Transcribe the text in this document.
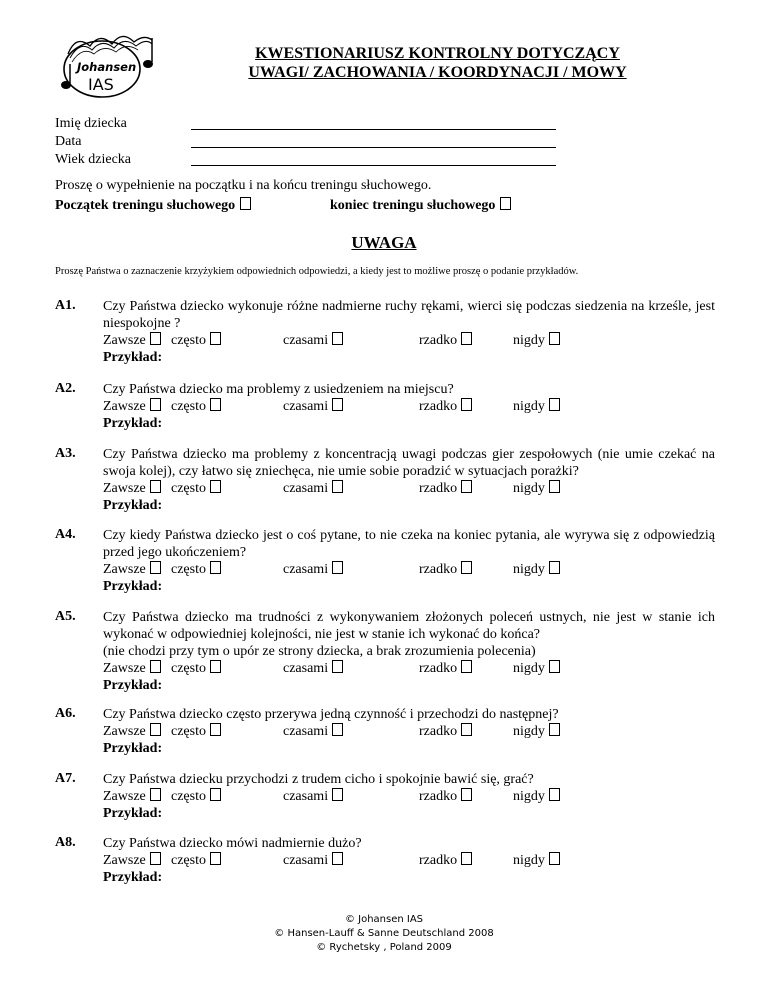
Johansen
IAS
KWESTIONARIUSZ KONTROLNY DOTYCZĄCY
UWAGI/ ZACHOWANIA / KOORDYNACJI / MOWY
Imię dziecka
Data
Wiek dziecka
Proszę o wypełnienie na początku i na końcu treningu słuchowego.
Początek treningu słuchowego	koniec treningu słuchowego
UWAGA
Proszę Państwa o zaznaczenie krzyżykiem odpowiednich odpowiedzi, a kiedy jest to możliwe proszę o podanie przykładów.
A1. Czy Państwa dziecko wykonuje różne nadmierne ruchy rękami, wierci się podczas siedzenia na krześle, jest niespokojne ?
Zawsze	często	czasami	rzadko	nigdy
Przykład:
A2. Czy Państwa dziecko ma problemy z usiedzeniem na miejscu?
Zawsze	często	czasami	rzadko	nigdy
Przykład:
A3. Czy Państwa dziecko ma problemy z koncentracją uwagi podczas gier zespołowych (nie umie czekać na swoja kolej), czy łatwo się zniechęca, nie umie sobie poradzić w sytuacjach porażki?
Zawsze	często	czasami	rzadko	nigdy
Przykład:
A4. Czy kiedy Państwa dziecko jest o coś pytane, to nie czeka na koniec pytania, ale wyrywa się z odpowiedzią przed jego ukończeniem?
Zawsze	często	czasami	rzadko	nigdy
Przykład:
A5. Czy Państwa dziecko ma trudności z wykonywaniem złożonych poleceń ustnych, nie jest w stanie ich wykonać w odpowiedniej kolejności, nie jest w stanie ich wykonać do końca?
(nie chodzi przy tym o upór ze strony dziecka, a brak zrozumienia polecenia)
Zawsze	często	czasami	rzadko	nigdy
Przykład:
A6. Czy Państwa dziecko często przerywa jedną czynność i przechodzi do następnej?
Zawsze	często	czasami	rzadko	nigdy
Przykład:
A7. Czy Państwa dziecku przychodzi z trudem cicho i spokojnie bawić się, grać?
Zawsze	często	czasami	rzadko	nigdy
Przykład:
A8. Czy Państwa dziecko mówi nadmiernie dużo?
Zawsze	często	czasami	rzadko	nigdy
Przykład:
© Johansen IAS
© Hansen-Lauff & Sanne Deutschland 2008
© Rychetsky , Poland 2009
